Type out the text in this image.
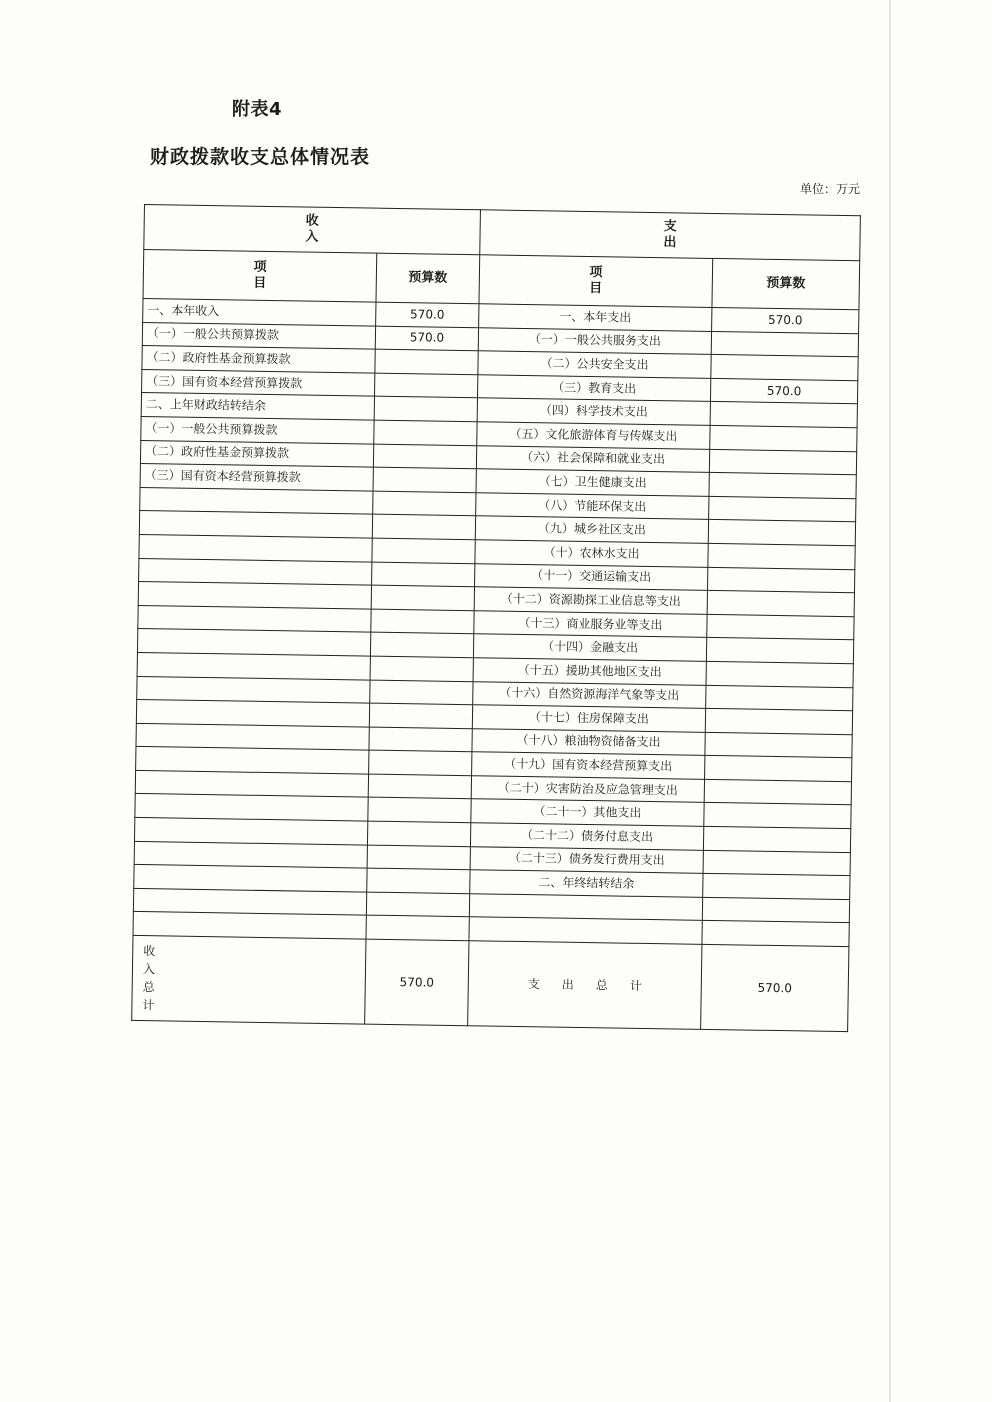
附表4
财政拨款收支总体情况表
单位：万元
收入		支出	
项目	预算数	项目	预算数
一、本年收入	570.0	一、本年支出	570.0
（一）一般公共预算拨款	570.0	（一）一般公共服务支出	
（二）政府性基金预算拨款		（二）公共安全支出	
（三）国有资本经营预算拨款		（三）教育支出	570.0
二、上年财政结转结余		（四）科学技术支出	
（一）一般公共预算拨款		（五）文化旅游体育与传媒支出	
（二）政府性基金预算拨款		（六）社会保障和就业支出	
（三）国有资本经营预算拨款		（七）卫生健康支出	
		（八）节能环保支出	
		（九）城乡社区支出	
		（十）农林水支出	
		（十一）交通运输支出	
		（十二）资源勘探工业信息等支出	
		（十三）商业服务业等支出	
		（十四）金融支出	
		（十五）援助其他地区支出	
		（十六）自然资源海洋气象等支出	
		（十七）住房保障支出	
		（十八）粮油物资储备支出	
		（十九）国有资本经营预算支出	
		（二十）灾害防治及应急管理支出	
		（二十一）其他支出	
		（二十二）债务付息支出	
		（二十三）债务发行费用支出	
		二、年终结转结余	

收入总计	570.0	支出总计	570.0
